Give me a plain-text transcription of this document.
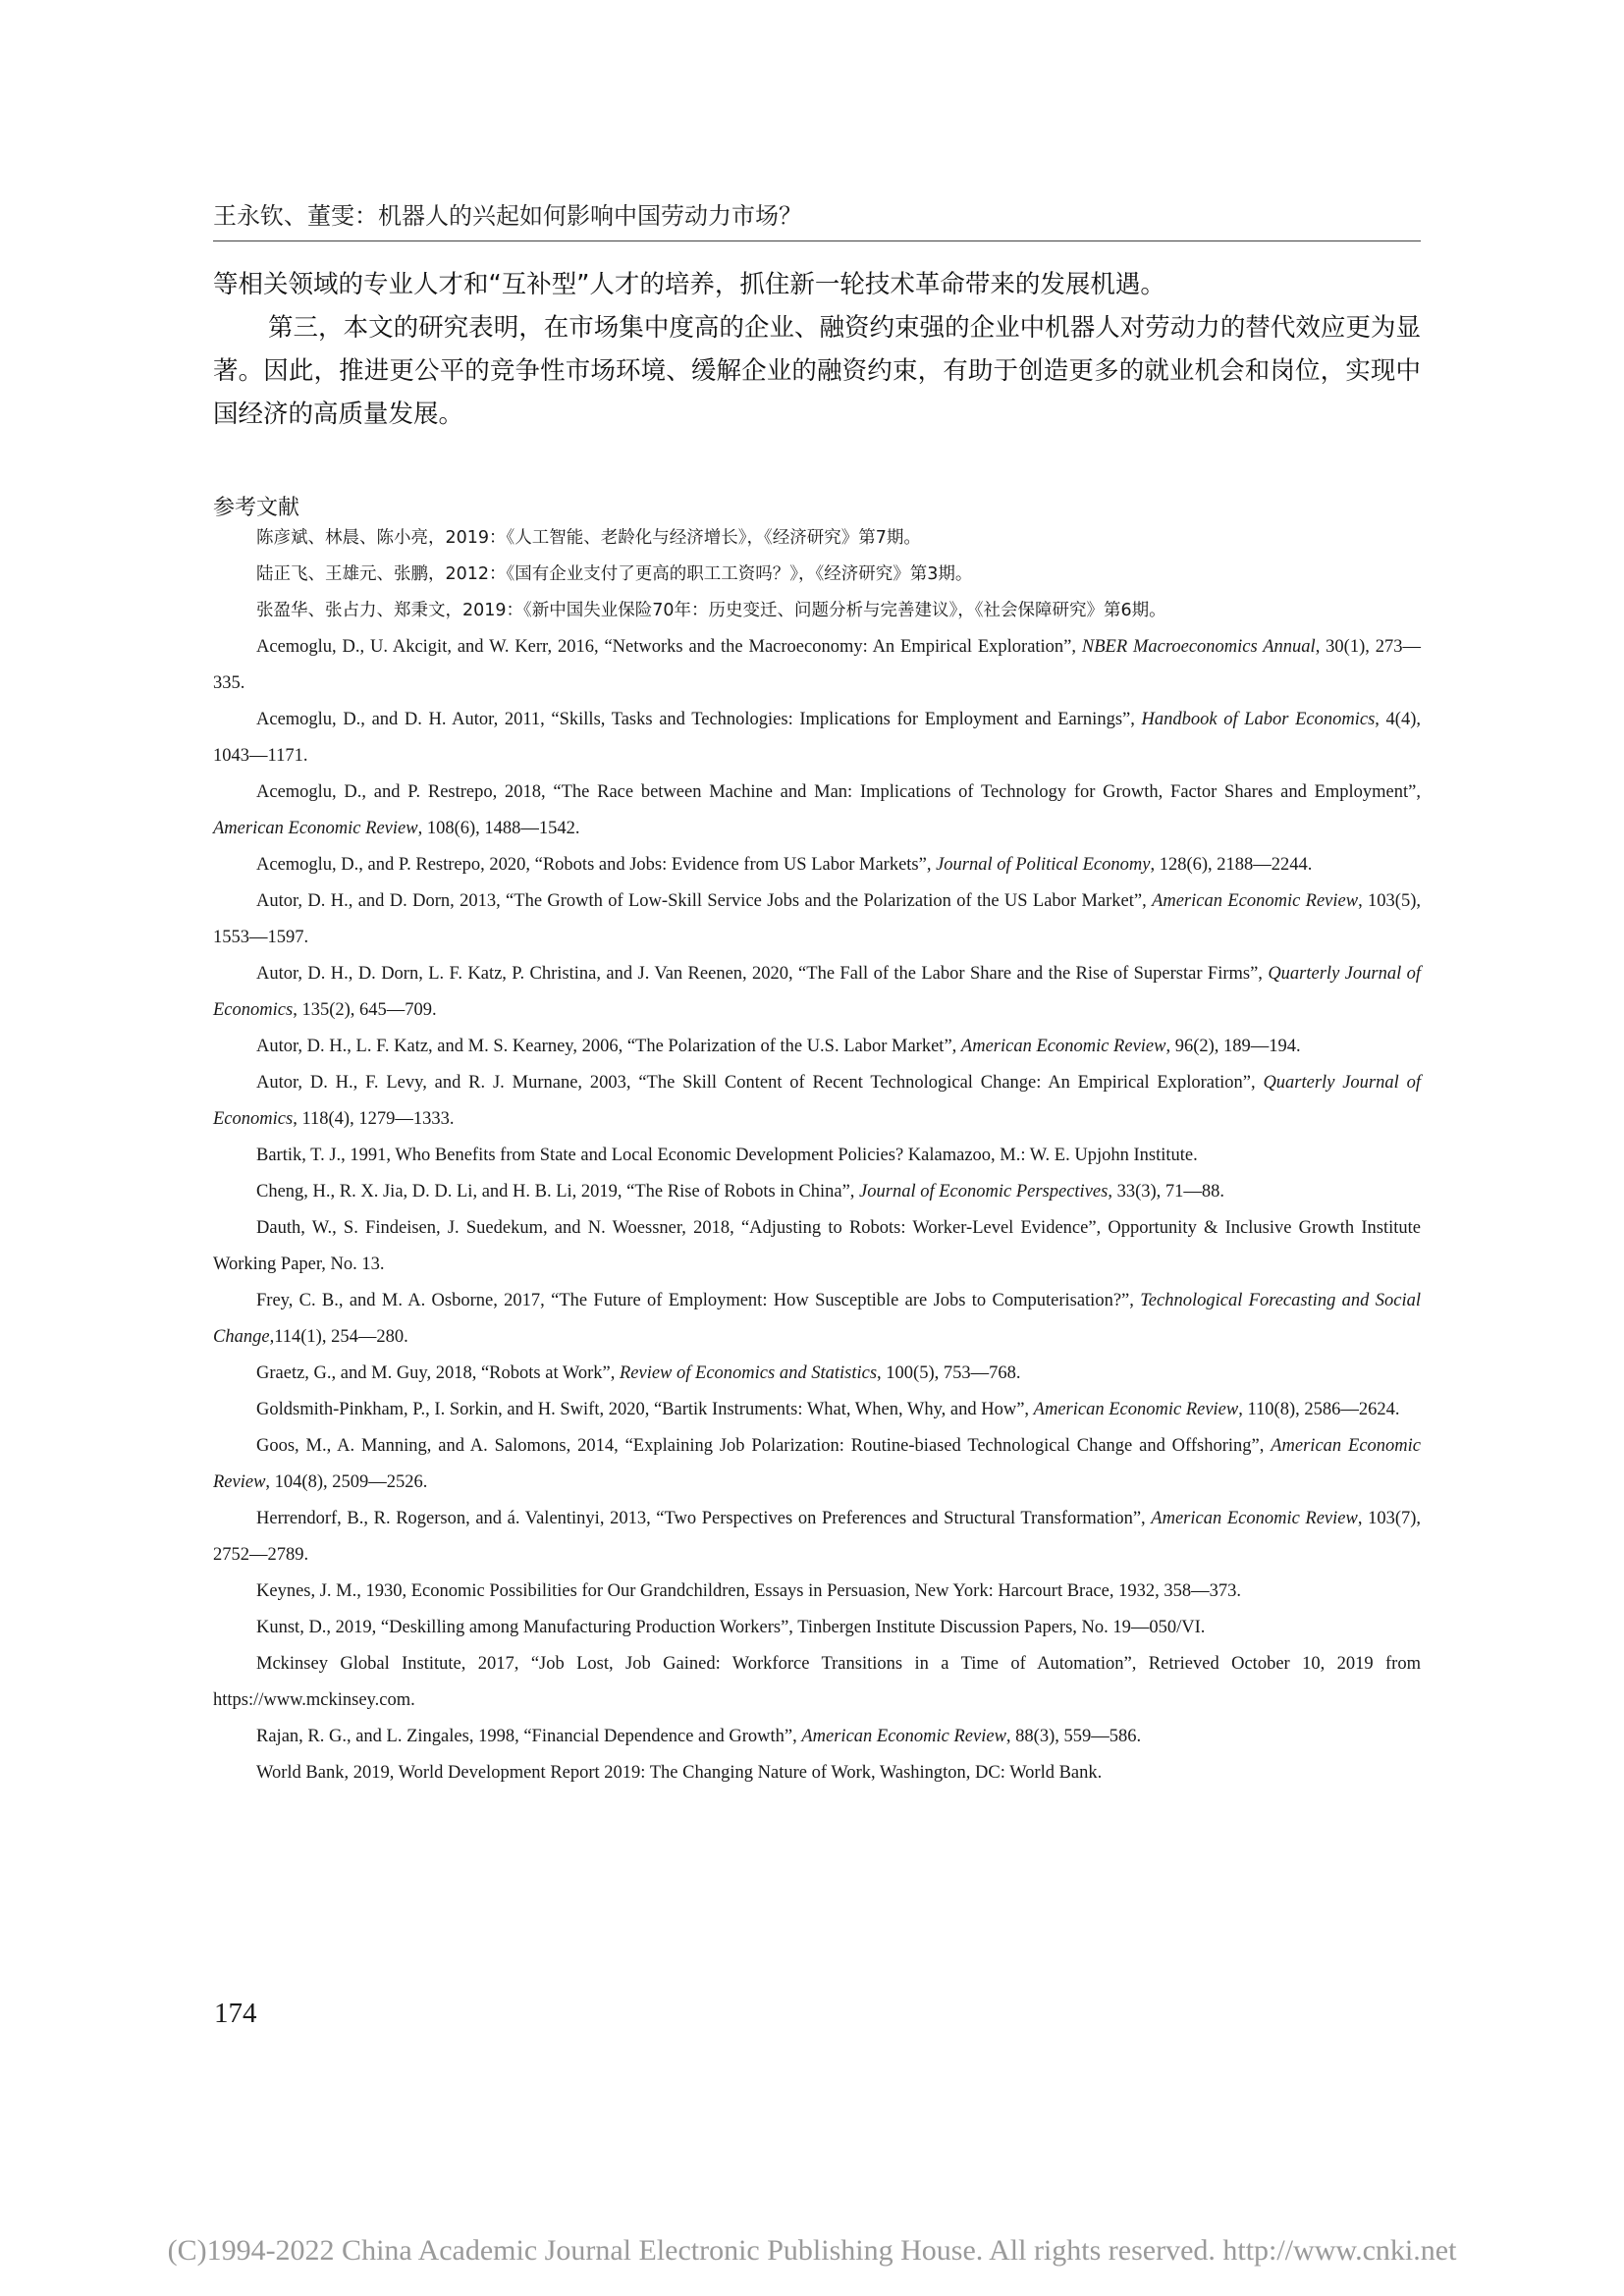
王永钦、董雯：机器人的兴起如何影响中国劳动力市场？

等相关领域的专业人才和“互补型”人才的培养，抓住新一轮技术革命带来的发展机遇。

第三，本文的研究表明，在市场集中度高的企业、融资约束强的企业中机器人对劳动力的替代效应更为显著。因此，推进更公平的竞争性市场环境、缓解企业的融资约束，有助于创造更多的就业机会和岗位，实现中国经济的高质量发展。

参考文献

陈彦斌、林晨、陈小亮，2019：《人工智能、老龄化与经济增长》，《经济研究》第7期。

陆正飞、王雄元、张鹏，2012：《国有企业支付了更高的职工工资吗？》，《经济研究》第3期。

张盈华、张占力、郑秉文，2019：《新中国失业保险70年：历史变迁、问题分析与完善建议》，《社会保障研究》第6期。

Acemoglu, D., U. Akcigit, and W. Kerr, 2016, “Networks and the Macroeconomy: An Empirical Exploration”, NBER Macroeconomics Annual, 30(1), 273—335.

Acemoglu, D., and D. H. Autor, 2011, “Skills, Tasks and Technologies: Implications for Employment and Earnings”, Handbook of Labor Economics, 4(4), 1043—1171.

Acemoglu, D., and P. Restrepo, 2018, “The Race between Machine and Man: Implications of Technology for Growth, Factor Shares and Employment”, American Economic Review, 108(6), 1488—1542.

Acemoglu, D., and P. Restrepo, 2020, “Robots and Jobs: Evidence from US Labor Markets”, Journal of Political Economy, 128(6), 2188—2244.

Autor, D. H., and D. Dorn, 2013, “The Growth of Low-Skill Service Jobs and the Polarization of the US Labor Market”, American Economic Review, 103(5), 1553—1597.

Autor, D. H., D. Dorn, L. F. Katz, P. Christina, and J. Van Reenen, 2020, “The Fall of the Labor Share and the Rise of Superstar Firms”, Quarterly Journal of Economics, 135(2), 645—709.

Autor, D. H., L. F. Katz, and M. S. Kearney, 2006, “The Polarization of the U.S. Labor Market”, American Economic Review, 96(2), 189—194.

Autor, D. H., F. Levy, and R. J. Murnane, 2003, “The Skill Content of Recent Technological Change: An Empirical Exploration”, Quarterly Journal of Economics, 118(4), 1279—1333.

Bartik, T. J., 1991, Who Benefits from State and Local Economic Development Policies? Kalamazoo, M.: W. E. Upjohn Institute.

Cheng, H., R. X. Jia, D. D. Li, and H. B. Li, 2019, “The Rise of Robots in China”, Journal of Economic Perspectives, 33(3), 71—88.

Dauth, W., S. Findeisen, J. Suedekum, and N. Woessner, 2018, “Adjusting to Robots: Worker-Level Evidence”, Opportunity & Inclusive Growth Institute Working Paper, No. 13.

Frey, C. B., and M. A. Osborne, 2017, “The Future of Employment: How Susceptible are Jobs to Computerisation?”, Technological Forecasting and Social Change,114(1), 254—280.

Graetz, G., and M. Guy, 2018, “Robots at Work”, Review of Economics and Statistics, 100(5), 753—768.

Goldsmith-Pinkham, P., I. Sorkin, and H. Swift, 2020, “Bartik Instruments: What, When, Why, and How”, American Economic Review, 110(8), 2586—2624.

Goos, M., A. Manning, and A. Salomons, 2014, “Explaining Job Polarization: Routine-biased Technological Change and Offshoring”, American Economic Review, 104(8), 2509—2526.

Herrendorf, B., R. Rogerson, and á. Valentinyi, 2013, “Two Perspectives on Preferences and Structural Transformation”, American Economic Review, 103(7), 2752—2789.

Keynes, J. M., 1930, Economic Possibilities for Our Grandchildren, Essays in Persuasion, New York: Harcourt Brace, 1932, 358—373.

Kunst, D., 2019, “Deskilling among Manufacturing Production Workers”, Tinbergen Institute Discussion Papers, No. 19—050/VI.

Mckinsey Global Institute, 2017, “Job Lost, Job Gained: Workforce Transitions in a Time of Automation”, Retrieved October 10, 2019 from https://www.mckinsey.com.

Rajan, R. G., and L. Zingales, 1998, “Financial Dependence and Growth”, American Economic Review, 88(3), 559—586.

World Bank, 2019, World Development Report 2019: The Changing Nature of Work, Washington, DC: World Bank.

174
(C)1994-2022 China Academic Journal Electronic Publishing House. All rights reserved. http://www.cnki.net
